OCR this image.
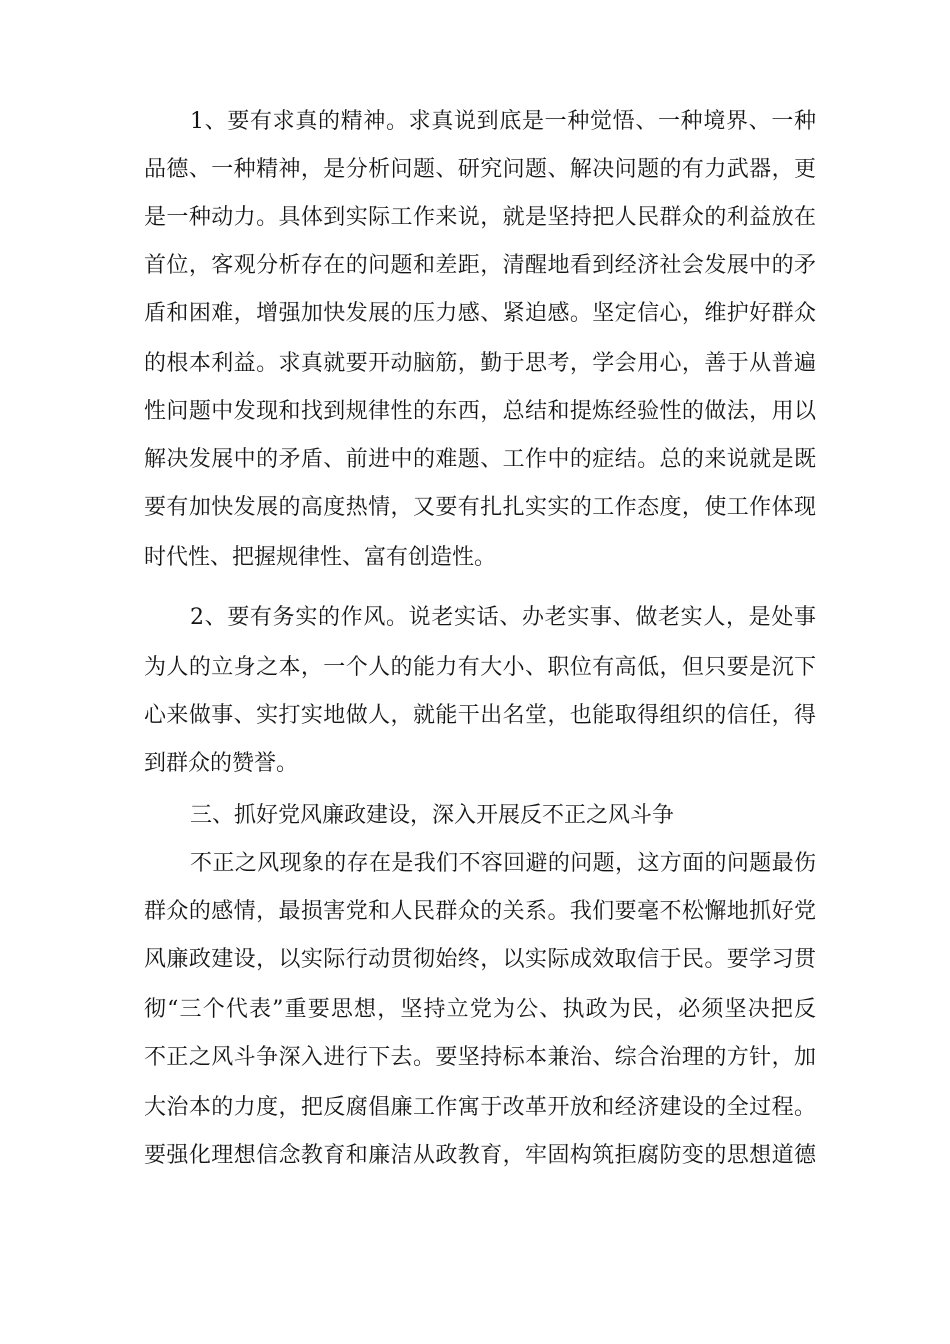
1、要有求真的精神。求真说到底是一种觉悟、一种境界、一种
品德、一种精神，是分析问题、研究问题、解决问题的有力武器，更
是一种动力。具体到实际工作来说，就是坚持把人民群众的利益放在
首位，客观分析存在的问题和差距，清醒地看到经济社会发展中的矛
盾和困难，增强加快发展的压力感、紧迫感。坚定信心，维护好群众
的根本利益。求真就要开动脑筋，勤于思考，学会用心，善于从普遍
性问题中发现和找到规律性的东西，总结和提炼经验性的做法，用以
解决发展中的矛盾、前进中的难题、工作中的症结。总的来说就是既
要有加快发展的高度热情，又要有扎扎实实的工作态度，使工作体现
时代性、把握规律性、富有创造性。
2、要有务实的作风。说老实话、办老实事、做老实人，是处事
为人的立身之本，一个人的能力有大小、职位有高低，但只要是沉下
心来做事、实打实地做人，就能干出名堂，也能取得组织的信任，得
到群众的赞誉。
三、抓好党风廉政建设，深入开展反不正之风斗争
不正之风现象的存在是我们不容回避的问题，这方面的问题最伤
群众的感情，最损害党和人民群众的关系。我们要毫不松懈地抓好党
风廉政建设，以实际行动贯彻始终，以实际成效取信于民。要学习贯
彻“三个代表”重要思想，坚持立党为公、执政为民，必须坚决把反
不正之风斗争深入进行下去。要坚持标本兼治、综合治理的方针，加
大治本的力度，把反腐倡廉工作寓于改革开放和经济建设的全过程。
要强化理想信念教育和廉洁从政教育，牢固构筑拒腐防变的思想道德
